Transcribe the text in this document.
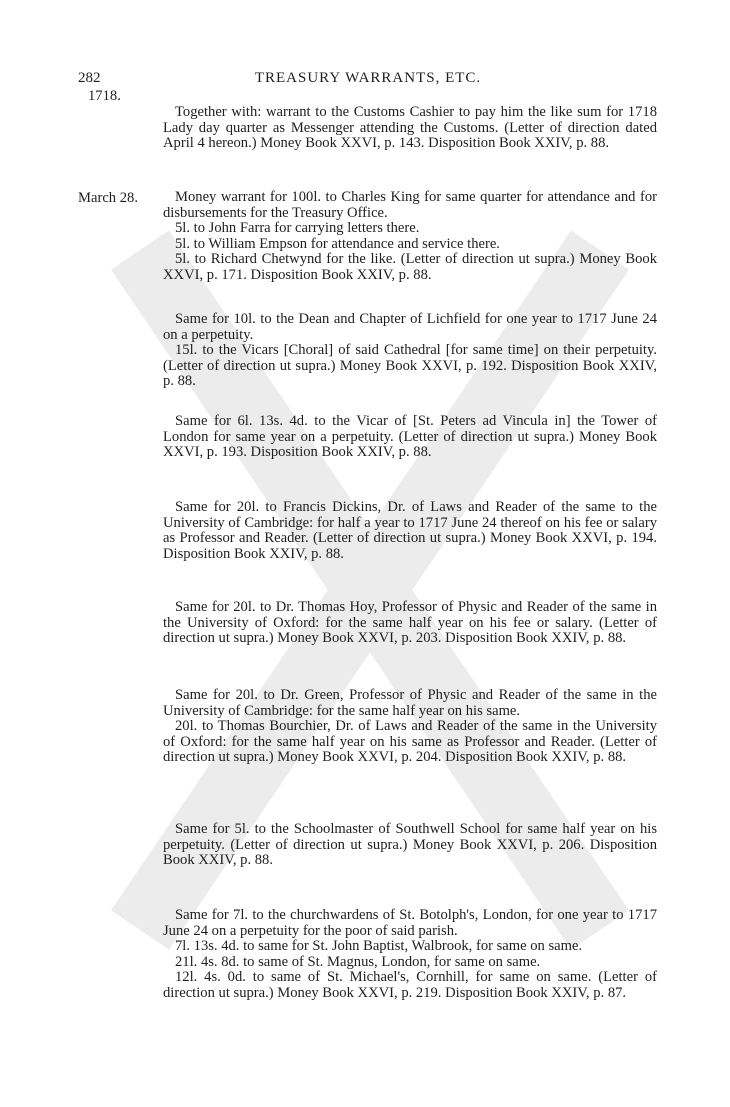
282	TREASURY WARRANTS, ETC.
1718.
March 28.

Together with: warrant to the Customs Cashier to pay him the like sum for 1718 Lady day quarter as Messenger attending the Customs. (Letter of direction dated April 4 hereon.) Money Book XXVI, p. 143. Disposition Book XXIV, p. 88.

Money warrant for 100l. to Charles King for same quarter for attendance and for disbursements for the Treasury Office.

5l. to John Farra for carrying letters there.

5l. to William Empson for attendance and service there.

5l. to Richard Chetwynd for the like. (Letter of direction ut supra.) Money Book XXVI, p. 171. Disposition Book XXIV, p. 88.

Same for 10l. to the Dean and Chapter of Lichfield for one year to 1717 June 24 on a perpetuity.

15l. to the Vicars [Choral] of said Cathedral [for same time] on their perpetuity. (Letter of direction ut supra.) Money Book XXVI, p. 192. Disposition Book XXIV, p. 88.

Same for 6l. 13s. 4d. to the Vicar of [St. Peters ad Vincula in] the Tower of London for same year on a perpetuity. (Letter of direction ut supra.) Money Book XXVI, p. 193. Disposition Book XXIV, p. 88.

Same for 20l. to Francis Dickins, Dr. of Laws and Reader of the same to the University of Cambridge: for half a year to 1717 June 24 thereof on his fee or salary as Professor and Reader. (Letter of direction ut supra.) Money Book XXVI, p. 194. Disposition Book XXIV, p. 88.

Same for 20l. to Dr. Thomas Hoy, Professor of Physic and Reader of the same in the University of Oxford: for the same half year on his fee or salary. (Letter of direction ut supra.) Money Book XXVI, p. 203. Disposition Book XXIV, p. 88.

Same for 20l. to Dr. Green, Professor of Physic and Reader of the same in the University of Cambridge: for the same half year on his same.

20l. to Thomas Bourchier, Dr. of Laws and Reader of the same in the University of Oxford: for the same half year on his same as Professor and Reader. (Letter of direction ut supra.) Money Book XXVI, p. 204. Disposition Book XXIV, p. 88.

Same for 5l. to the Schoolmaster of Southwell School for same half year on his perpetuity. (Letter of direction ut supra.) Money Book XXVI, p. 206. Disposition Book XXIV, p. 88.

Same for 7l. to the churchwardens of St. Botolph's, London, for one year to 1717 June 24 on a perpetuity for the poor of said parish.

7l. 13s. 4d. to same for St. John Baptist, Walbrook, for same on same.

21l. 4s. 8d. to same of St. Magnus, London, for same on same.

12l. 4s. 0d. to same of St. Michael's, Cornhill, for same on same. (Letter of direction ut supra.) Money Book XXVI, p. 219. Disposition Book XXIV, p. 87.
